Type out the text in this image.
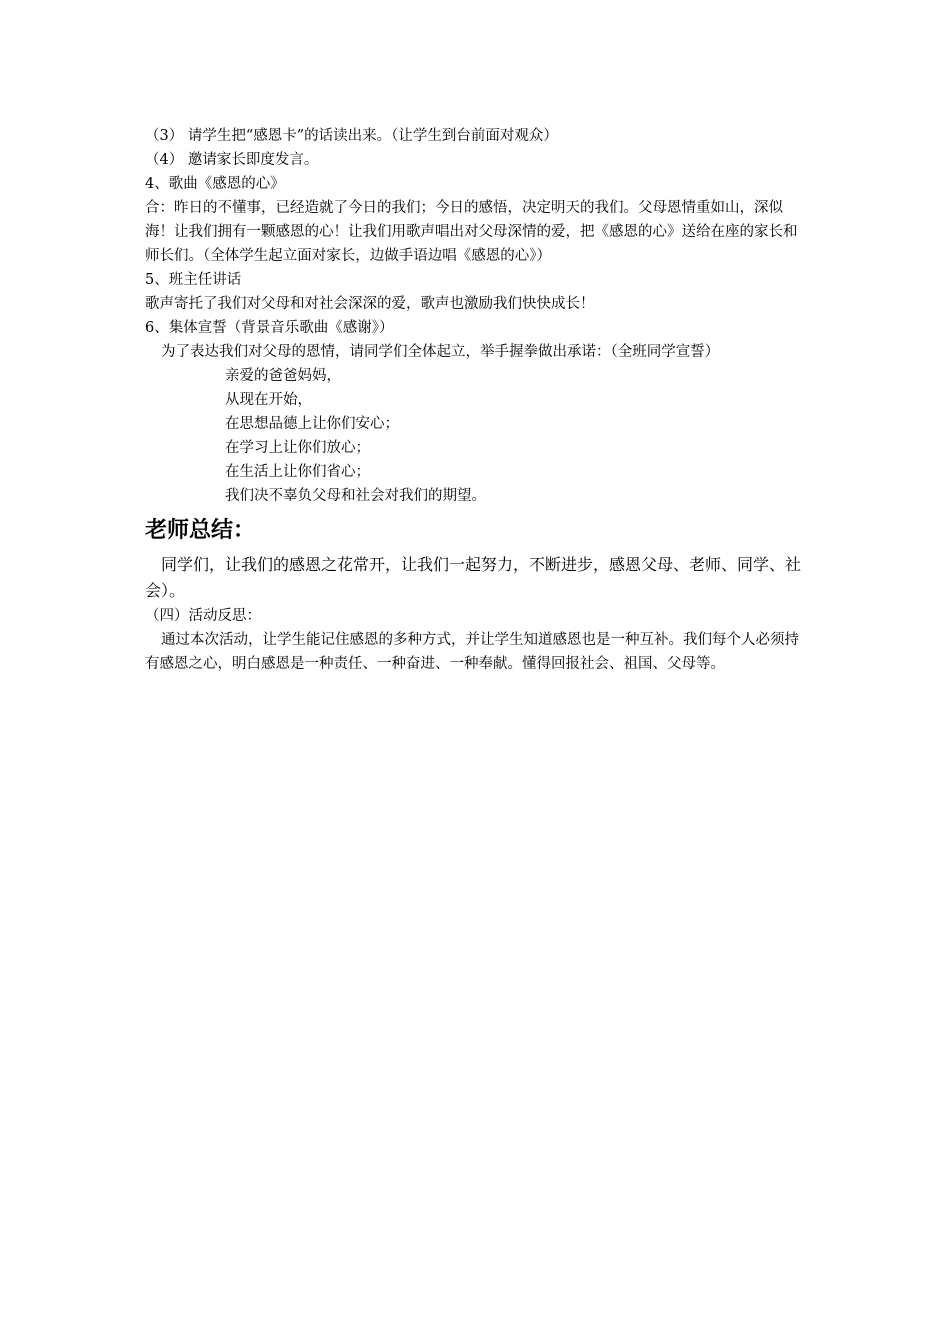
（3） 请学生把“感恩卡”的话读出来。（让学生到台前面对观众）
（4） 邀请家长即度发言。
4、歌曲《感恩的心》
合：昨日的不懂事，已经造就了今日的我们；今日的感悟，决定明天的我们。父母恩情重如山，深似海！让我们拥有一颗感恩的心！让我们用歌声唱出对父母深情的爱，把《感恩的心》送给在座的家长和师长们。（全体学生起立面对家长，边做手语边唱《感恩的心》）
5、班主任讲话
歌声寄托了我们对父母和对社会深深的爱，歌声也激励我们快快成长！
6、集体宣誓（背景音乐歌曲《感谢》）
为了表达我们对父母的恩情，请同学们全体起立，举手握拳做出承诺：（全班同学宣誓）
亲爱的爸爸妈妈，
从现在开始，
在思想品德上让你们安心；
在学习上让你们放心；
在生活上让你们省心；
我们决不辜负父母和社会对我们的期望。
老师总结：
同学们，让我们的感恩之花常开，让我们一起努力，不断进步，感恩父母、老师、同学、社会）。
（四）活动反思：
通过本次活动，让学生能记住感恩的多种方式，并让学生知道感恩也是一种互补。我们每个人必须持有感恩之心，明白感恩是一种责任、一种奋进、一种奉献。懂得回报社会、祖国、父母等。
